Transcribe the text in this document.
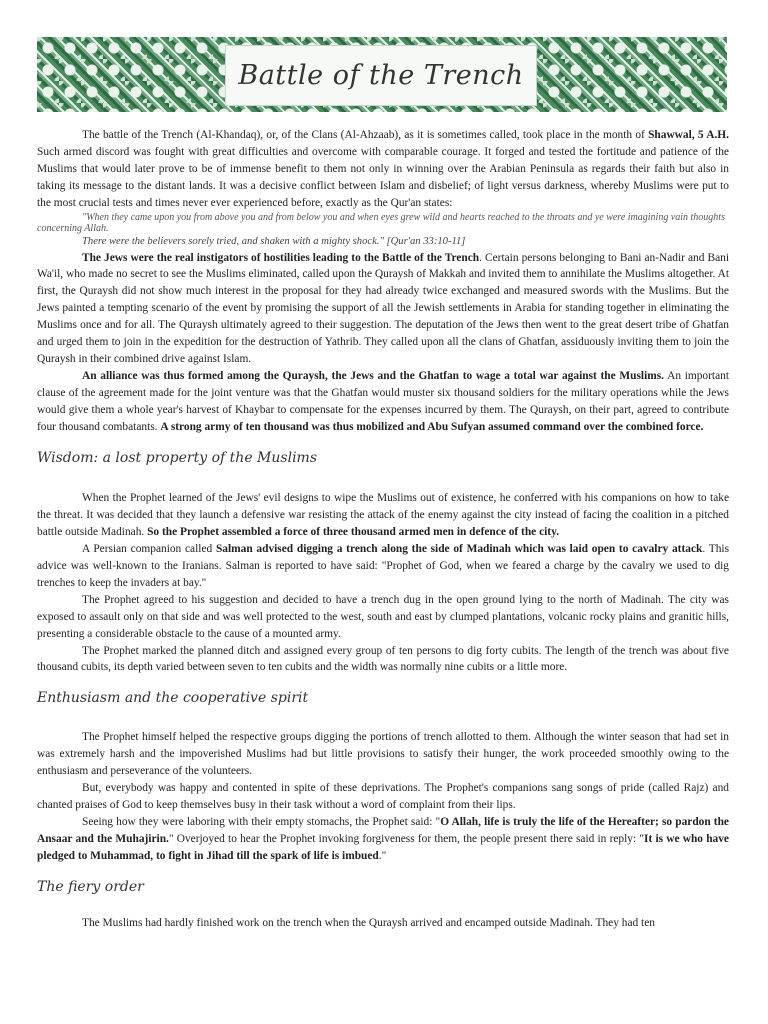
Battle of the Trench

The battle of the Trench (Al-Khandaq), or, of the Clans (Al-Ahzaab), as it is sometimes called, took place in the month of Shawwal, 5 A.H. Such armed discord was fought with great difficulties and overcome with comparable courage. It forged and tested the fortitude and patience of the Muslims that would later prove to be of immense benefit to them not only in winning over the Arabian Peninsula as regards their faith but also in taking its message to the distant lands. It was a decisive conflict between Islam and disbelief; of light versus darkness, whereby Muslims were put to the most crucial tests and times never ever experienced before, exactly as the Qur'an states:

"When they came upon you from above you and from below you and when eyes grew wild and hearts reached to the throats and ye were imagining vain thoughts concerning Allah.

There were the believers sorely tried, and shaken with a mighty shock." [Qur'an 33:10-11]

The Jews were the real instigators of hostilities leading to the Battle of the Trench. Certain persons belonging to Bani an-Nadir and Bani Wa'il, who made no secret to see the Muslims eliminated, called upon the Quraysh of Makkah and invited them to annihilate the Muslims altogether. At first, the Quraysh did not show much interest in the proposal for they had already twice exchanged and measured swords with the Muslims. But the Jews painted a tempting scenario of the event by promising the support of all the Jewish settlements in Arabia for standing together in eliminating the Muslims once and for all. The Quraysh ultimately agreed to their suggestion. The deputation of the Jews then went to the great desert tribe of Ghatfan and urged them to join in the expedition for the destruction of Yathrib. They called upon all the clans of Ghatfan, assiduously inviting them to join the Quraysh in their combined drive against Islam.

An alliance was thus formed among the Quraysh, the Jews and the Ghatfan to wage a total war against the Muslims. An important clause of the agreement made for the joint venture was that the Ghatfan would muster six thousand soldiers for the military operations while the Jews would give them a whole year's harvest of Khaybar to compensate for the expenses incurred by them. The Quraysh, on their part, agreed to contribute four thousand combatants. A strong army of ten thousand was thus mobilized and Abu Sufyan assumed command over the combined force.

Wisdom: a lost property of the Muslims

When the Prophet learned of the Jews' evil designs to wipe the Muslims out of existence, he conferred with his companions on how to take the threat. It was decided that they launch a defensive war resisting the attack of the enemy against the city instead of facing the coalition in a pitched battle outside Madinah. So the Prophet assembled a force of three thousand armed men in defence of the city.

A Persian companion called Salman advised digging a trench along the side of Madinah which was laid open to cavalry attack. This advice was well-known to the Iranians. Salman is reported to have said: "Prophet of God, when we feared a charge by the cavalry we used to dig trenches to keep the invaders at bay."

The Prophet agreed to his suggestion and decided to have a trench dug in the open ground lying to the north of Madinah. The city was exposed to assault only on that side and was well protected to the west, south and east by clumped plantations, volcanic rocky plains and granitic hills, presenting a considerable obstacle to the cause of a mounted army.

The Prophet marked the planned ditch and assigned every group of ten persons to dig forty cubits. The length of the trench was about five thousand cubits, its depth varied between seven to ten cubits and the width was normally nine cubits or a little more.

Enthusiasm and the cooperative spirit

The Prophet himself helped the respective groups digging the portions of trench allotted to them. Although the winter season that had set in was extremely harsh and the impoverished Muslims had but little provisions to satisfy their hunger, the work proceeded smoothly owing to the enthusiasm and perseverance of the volunteers.

But, everybody was happy and contented in spite of these deprivations. The Prophet's companions sang songs of pride (called Rajz) and chanted praises of God to keep themselves busy in their task without a word of complaint from their lips.

Seeing how they were laboring with their empty stomachs, the Prophet said: "O Allah, life is truly the life of the Hereafter; so pardon the Ansaar and the Muhajirin." Overjoyed to hear the Prophet invoking forgiveness for them, the people present there said in reply: "It is we who have pledged to Muhammad, to fight in Jihad till the spark of life is imbued."

The fiery order

The Muslims had hardly finished work on the trench when the Quraysh arrived and encamped outside Madinah. They had ten
